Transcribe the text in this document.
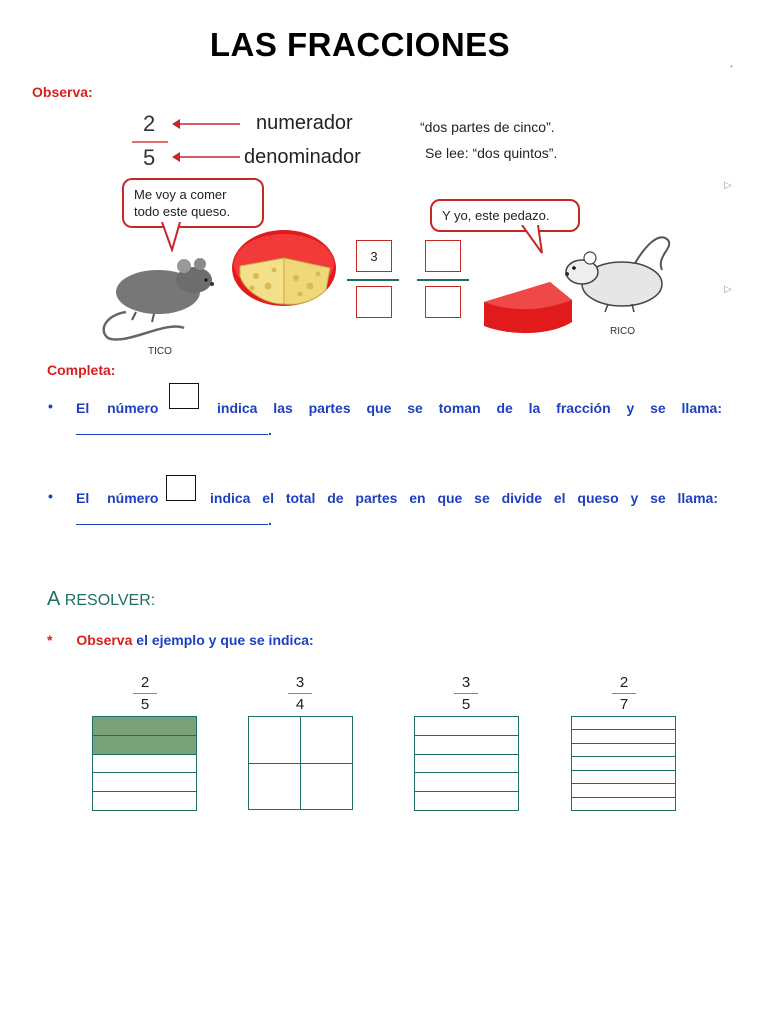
LAS FRACCIONES
•
▷
▷
Observa:
2
5
numerador
denominador
“dos partes de cinco”.
Se lee: “dos quintos”.
Me voy a comer todo este queso.	Y yo, este pedazo.
TICO
3
RICO
Completa:
• El número	indica las partes que se toman de la fracción y se llama:
.
• El número	indica el total de partes en que se divide el queso y se llama:
.
A RESOLVER:
* Observa el ejemplo y que se indica:
2
5
3
4
3
5
2
7
